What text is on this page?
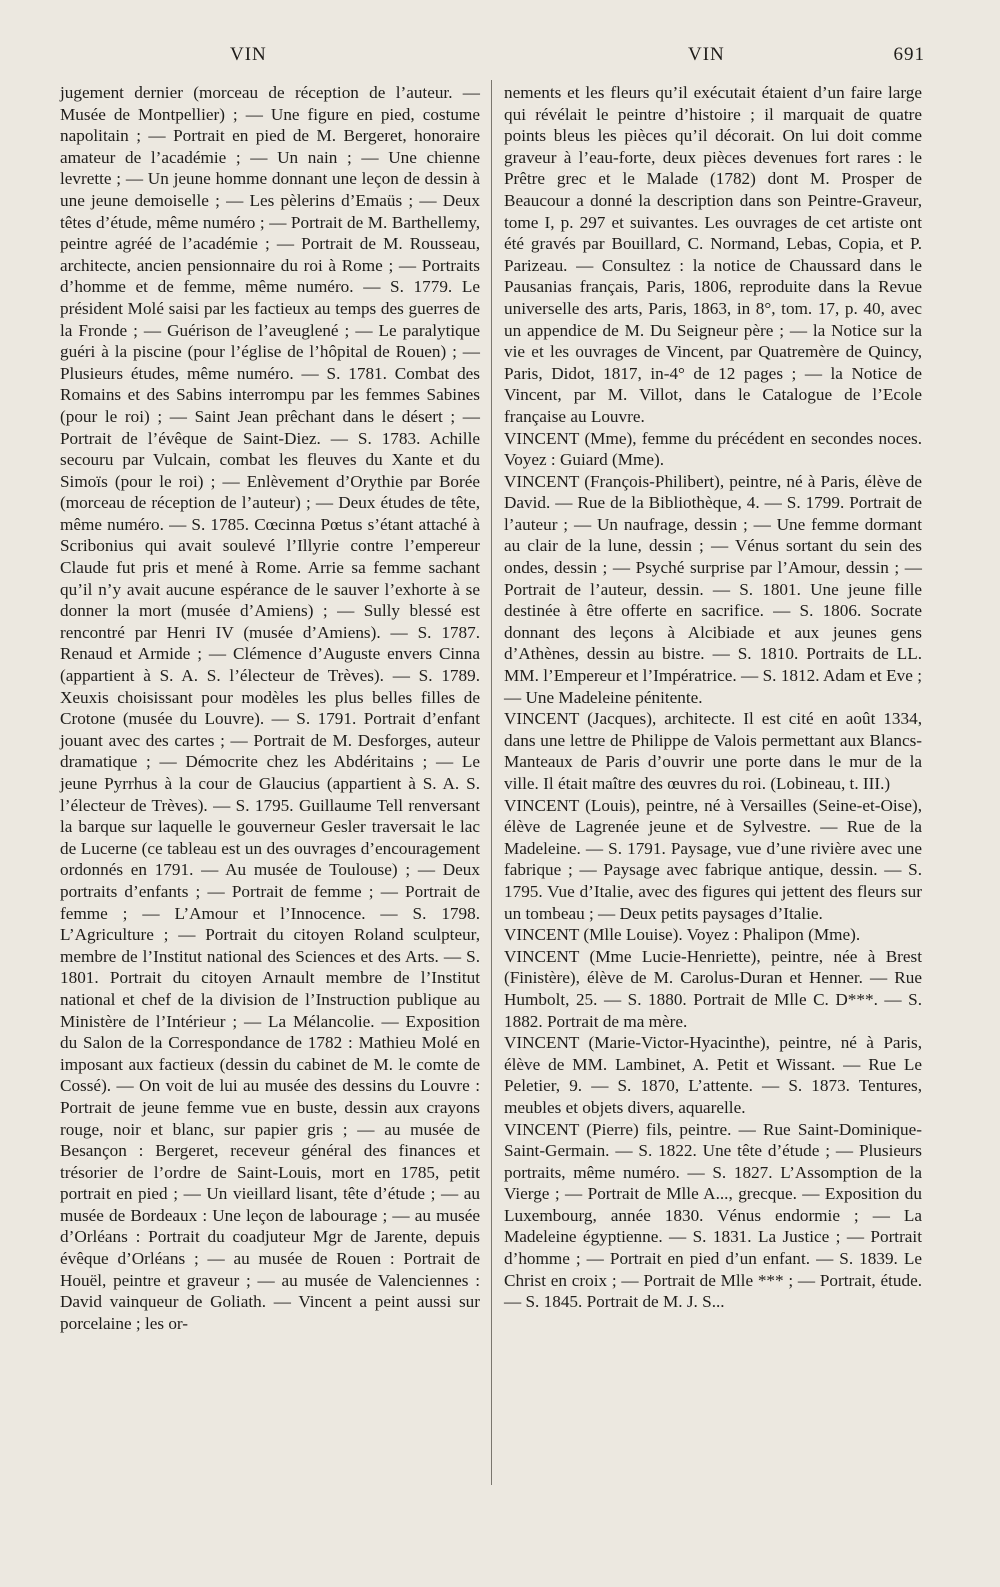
VIN	VIN	691

jugement dernier (morceau de réception de l’auteur. — Musée de Montpellier) ; — Une figure en pied, costume napolitain ; — Portrait en pied de M. Bergeret, honoraire amateur de l’académie ; — Un nain ; — Une chienne levrette ; — Un jeune homme donnant une leçon de dessin à une jeune demoiselle ; — Les pèlerins d’Emaüs ; — Deux têtes d’étude, même numéro ; — Portrait de M. Barthellemy, peintre agréé de l’académie ; — Portrait de M. Rousseau, architecte, ancien pensionnaire du roi à Rome ; — Portraits d’homme et de femme, même numéro. — S. 1779. Le président Molé saisi par les factieux au temps des guerres de la Fronde ; — Guérison de l’aveuglené ; — Le paralytique guéri à la piscine (pour l’église de l’hôpital de Rouen) ; — Plusieurs études, même numéro. — S. 1781. Combat des Romains et des Sabins interrompu par les femmes Sabines (pour le roi) ; — Saint Jean prêchant dans le désert ; — Portrait de l’évêque de Saint-Diez. — S. 1783. Achille secouru par Vulcain, combat les fleuves du Xante et du Simoïs (pour le roi) ; — Enlèvement d’Orythie par Borée (morceau de réception de l’auteur) ; — Deux études de tête, même numéro. — S. 1785. Cœcinna Pœtus s’étant attaché à Scribonius qui avait soulevé l’Illyrie contre l’empereur Claude fut pris et mené à Rome. Arrie sa femme sachant qu’il n’y avait aucune espérance de le sauver l’exhorte à se donner la mort (musée d’Amiens) ; — Sully blessé est rencontré par Henri IV (musée d’Amiens). — S. 1787. Renaud et Armide ; — Clémence d’Auguste envers Cinna (appartient à S. A. S. l’électeur de Trèves). — S. 1789. Xeuxis choisissant pour modèles les plus belles filles de Crotone (musée du Louvre). — S. 1791. Portrait d’enfant jouant avec des cartes ; — Portrait de M. Desforges, auteur dramatique ; — Démocrite chez les Abdéritains ; — Le jeune Pyrrhus à la cour de Glaucius (appartient à S. A. S. l’électeur de Trèves). — S. 1795. Guillaume Tell renversant la barque sur laquelle le gouverneur Gesler traversait le lac de Lucerne (ce tableau est un des ouvrages d’encouragement ordonnés en 1791. — Au musée de Toulouse) ; — Deux portraits d’enfants ; — Portrait de femme ; — Portrait de femme ; — L’Amour et l’Innocence. — S. 1798. L’Agriculture ; — Portrait du citoyen Roland sculpteur, membre de l’Institut national des Sciences et des Arts. — S. 1801. Portrait du citoyen Arnault membre de l’Institut national et chef de la division de l’Instruction publique au Ministère de l’Intérieur ; — La Mélancolie. — Exposition du Salon de la Correspondance de 1782 : Mathieu Molé en imposant aux factieux (dessin du cabinet de M. le comte de Cossé). — On voit de lui au musée des dessins du Louvre : Portrait de jeune femme vue en buste, dessin aux crayons rouge, noir et blanc, sur papier gris ; — au musée de Besançon : Bergeret, receveur général des finances et trésorier de l’ordre de Saint-Louis, mort en 1785, petit portrait en pied ; — Un vieillard lisant, tête d’étude ; — au musée de Bordeaux : Une leçon de labourage ; — au musée d’Orléans : Portrait du coadjuteur Mgr de Jarente, depuis évêque d’Orléans ; — au musée de Rouen : Portrait de Houël, peintre et graveur ; — au musée de Valenciennes : David vainqueur de Goliath. — Vincent a peint aussi sur porcelaine ; les or-

nements et les fleurs qu’il exécutait étaient d’un faire large qui révélait le peintre d’histoire ; il marquait de quatre points bleus les pièces qu’il décorait. On lui doit comme graveur à l’eau-forte, deux pièces devenues fort rares : le Prêtre grec et le Malade (1782) dont M. Prosper de Beaucour a donné la description dans son Peintre-Graveur, tome I, p. 297 et suivantes. Les ouvrages de cet artiste ont été gravés par Bouillard, C. Normand, Lebas, Copia, et P. Parizeau. — Consultez : la notice de Chaussard dans le Pausanias français, Paris, 1806, reproduite dans la Revue universelle des arts, Paris, 1863, in 8°, tom. 17, p. 40, avec un appendice de M. Du Seigneur père ; — la Notice sur la vie et les ouvrages de Vincent, par Quatremère de Quincy, Paris, Didot, 1817, in-4° de 12 pages ; — la Notice de Vincent, par M. Villot, dans le Catalogue de l’Ecole française au Louvre.

VINCENT (Mme), femme du précédent en secondes noces. Voyez : Guiard (Mme).

VINCENT (François-Philibert), peintre, né à Paris, élève de David. — Rue de la Bibliothèque, 4. — S. 1799. Portrait de l’auteur ; — Un naufrage, dessin ; — Une femme dormant au clair de la lune, dessin ; — Vénus sortant du sein des ondes, dessin ; — Psyché surprise par l’Amour, dessin ; — Portrait de l’auteur, dessin. — S. 1801. Une jeune fille destinée à être offerte en sacrifice. — S. 1806. Socrate donnant des leçons à Alcibiade et aux jeunes gens d’Athènes, dessin au bistre. — S. 1810. Portraits de LL. MM. l’Empereur et l’Impératrice. — S. 1812. Adam et Eve ; — Une Madeleine pénitente.

VINCENT (Jacques), architecte. Il est cité en août 1334, dans une lettre de Philippe de Valois permettant aux Blancs-Manteaux de Paris d’ouvrir une porte dans le mur de la ville. Il était maître des œuvres du roi. (Lobineau, t. III.)

VINCENT (Louis), peintre, né à Versailles (Seine-et-Oise), élève de Lagrenée jeune et de Sylvestre. — Rue de la Madeleine. — S. 1791. Paysage, vue d’une rivière avec une fabrique ; — Paysage avec fabrique antique, dessin. — S. 1795. Vue d’Italie, avec des figures qui jettent des fleurs sur un tombeau ; — Deux petits paysages d’Italie.

VINCENT (Mlle Louise). Voyez : Phalipon (Mme).

VINCENT (Mme Lucie-Henriette), peintre, née à Brest (Finistère), élève de M. Carolus-Duran et Henner. — Rue Humbolt, 25. — S. 1880. Portrait de Mlle C. D***. — S. 1882. Portrait de ma mère.

VINCENT (Marie-Victor-Hyacinthe), peintre, né à Paris, élève de MM. Lambinet, A. Petit et Wissant. — Rue Le Peletier, 9. — S. 1870, L’attente. — S. 1873. Tentures, meubles et objets divers, aquarelle.

VINCENT (Pierre) fils, peintre. — Rue Saint-Dominique-Saint-Germain. — S. 1822. Une tête d’étude ; — Plusieurs portraits, même numéro. — S. 1827. L’Assomption de la Vierge ; — Portrait de Mlle A..., grecque. — Exposition du Luxembourg, année 1830. Vénus endormie ; — La Madeleine égyptienne. — S. 1831. La Justice ; — Portrait d’homme ; — Portrait en pied d’un enfant. — S. 1839. Le Christ en croix ; — Portrait de Mlle *** ; — Portrait, étude. — S. 1845. Portrait de M. J. S...
